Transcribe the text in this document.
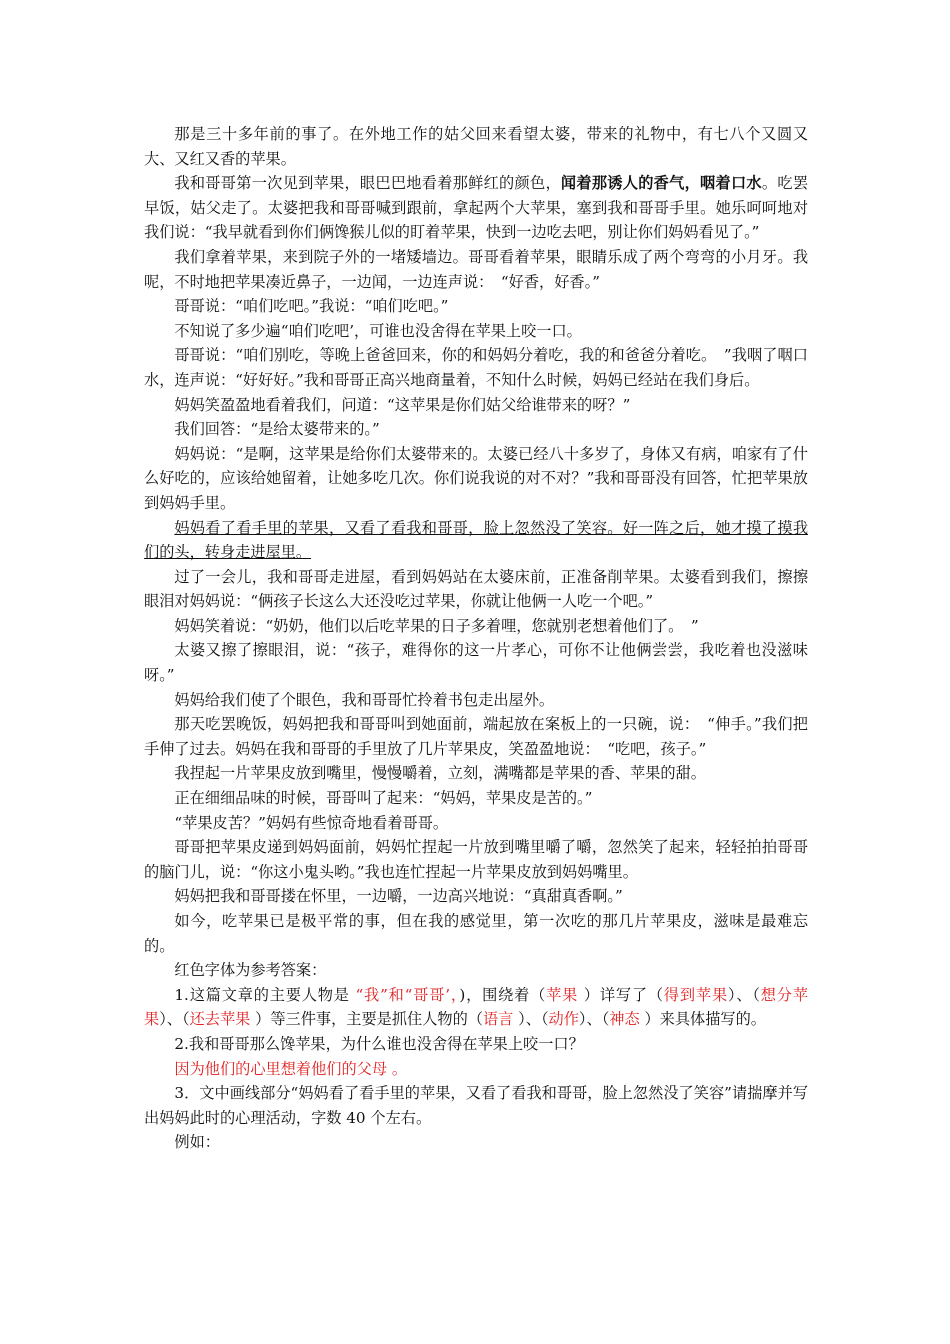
那是三十多年前的事了。在外地工作的姑父回来看望太婆，带来的礼物中，有七八个又圆又大、又红又香的苹果。

我和哥哥第一次见到苹果，眼巴巴地看着那鲜红的颜色，闻着那诱人的香气，咽着口水。吃罢早饭，姑父走了。太婆把我和哥哥喊到跟前，拿起两个大苹果，塞到我和哥哥手里。她乐呵呵地对我们说：“我早就看到你们俩馋猴儿似的盯着苹果，快到一边吃去吧，别让你们妈妈看见了。”

我们拿着苹果，来到院子外的一堵矮墙边。哥哥看着苹果，眼睛乐成了两个弯弯的小月牙。我呢，不时地把苹果凑近鼻子，一边闻，一边连声说：　“好香，好香。”

哥哥说：“咱们吃吧。”我说：“咱们吃吧。”

不知说了多少遍“咱们吃吧’，可谁也没舍得在苹果上咬一口。

哥哥说：“咱们别吃，等晚上爸爸回来，你的和妈妈分着吃，我的和爸爸分着吃。　”我咽了咽口水，连声说：“好好好。”我和哥哥正高兴地商量着，不知什么时候，妈妈已经站在我们身后。

妈妈笑盈盈地看着我们，问道：“这苹果是你们姑父给谁带来的呀？”

我们回答：“是给太婆带来的。”

妈妈说：“是啊，这苹果是给你们太婆带来的。太婆已经八十多岁了，身体又有病，咱家有了什么好吃的，应该给她留着，让她多吃几次。你们说我说的对不对？”我和哥哥没有回答，忙把苹果放到妈妈手里。

妈妈看了看手里的苹果，又看了看我和哥哥，脸上忽然没了笑容。好一阵之后，她才摸了摸我们的头，转身走进屋里。

过了一会儿，我和哥哥走进屋，看到妈妈站在太婆床前，正准备削苹果。太婆看到我们，擦擦眼泪对妈妈说：“俩孩子长这么大还没吃过苹果，你就让他俩一人吃一个吧。”

妈妈笑着说：“奶奶，他们以后吃苹果的日子多着哩，您就别老想着他们了。　”

太婆又擦了擦眼泪，说：“孩子，难得你的这一片孝心，可你不让他俩尝尝，我吃着也没滋味呀。”

妈妈给我们使了个眼色，我和哥哥忙拎着书包走出屋外。

那天吃罢晚饭，妈妈把我和哥哥叫到她面前，端起放在案板上的一只碗，说：　“伸手。”我们把手伸了过去。妈妈在我和哥哥的手里放了几片苹果皮，笑盈盈地说：　“吃吧，孩子。”

我捏起一片苹果皮放到嘴里，慢慢嚼着，立刻，满嘴都是苹果的香、苹果的甜。

正在细细品味的时候，哥哥叫了起来：“妈妈，苹果皮是苦的。”

“苹果皮苦？”妈妈有些惊奇地看着哥哥。

哥哥把苹果皮递到妈妈面前，妈妈忙捏起一片放到嘴里嚼了嚼，忽然笑了起来，轻轻拍拍哥哥的脑门儿，说：“你这小鬼头哟。”我也连忙捏起一片苹果皮放到妈妈嘴里。

妈妈把我和哥哥搂在怀里，一边嚼，一边高兴地说：“真甜真香啊。”

如今，吃苹果已是极平常的事，但在我的感觉里，第一次吃的那几片苹果皮，滋味是最难忘的。

红色字体为参考答案：

1.这篇文章的主要人物是 “我”和“哥哥’，)，围绕着（苹果 ）详写了（得到苹果）、（想分苹果）、（还去苹果 ）等三件事，主要是抓住人物的（语言 ）、（动作）、（神态 ）来具体描写的。

2.我和哥哥那么馋苹果，为什么谁也没舍得在苹果上咬一口？

因为他们的心里想着他们的父母 。

3．文中画线部分“妈妈看了看手里的苹果，又看了看我和哥哥，脸上忽然没了笑容”请揣摩并写出妈妈此时的心理活动，字数 40 个左右。

例如：
